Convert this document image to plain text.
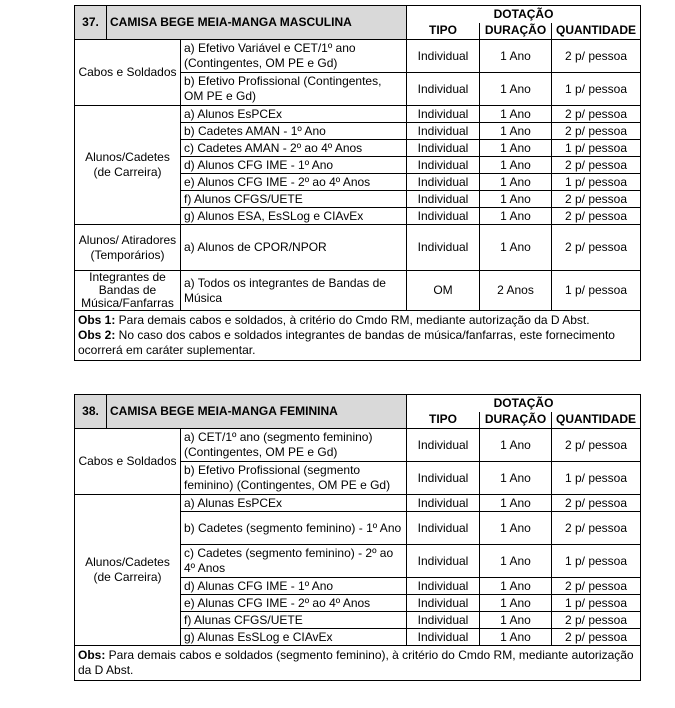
37.	CAMISA BEGE MEIA-MANGA MASCULINA		DOTAÇÃO		
			TIPO	DURAÇÃO	QUANTIDADE
Cabos e Soldados		a) Efetivo Variável e CET/1º ano (Contingentes, OM PE e Gd)	Individual	1 Ano	2 p/ pessoa
		b) Efetivo Profissional (Contingentes, OM PE e Gd)	Individual	1 Ano	1 p/ pessoa
Alunos/Cadetes (de Carreira)		a) Alunos EsPCEx	Individual	1 Ano	2 p/ pessoa
		b) Cadetes AMAN - 1º Ano	Individual	1 Ano	2 p/ pessoa
		c) Cadetes AMAN - 2º ao 4º Anos	Individual	1 Ano	1 p/ pessoa
		d) Alunos CFG IME - 1º Ano	Individual	1 Ano	2 p/ pessoa
		e) Alunos CFG IME - 2º ao 4º Anos	Individual	1 Ano	1 p/ pessoa
		f) Alunos CFGS/UETE	Individual	1 Ano	2 p/ pessoa
		g) Alunos ESA, EsSLog e CIAvEx	Individual	1 Ano	2 p/ pessoa
Alunos/ Atiradores (Temporários)		a) Alunos de CPOR/NPOR	Individual	1 Ano	2 p/ pessoa
Integrantes de Bandas de Música/Fanfarras		a) Todos os integrantes de Bandas de Música	OM	2 Anos	1 p/ pessoa

Obs 1: Para demais cabos e soldados, à critério do Cmdo RM, mediante autorização da D Abst.
Obs 2: No caso dos cabos e soldados integrantes de bandas de música/fanfarras, este fornecimento ocorrerá em caráter suplementar.					
38.	CAMISA BEGE MEIA-MANGA FEMININA		DOTAÇÃO		
			TIPO	DURAÇÃO	QUANTIDADE
Cabos e Soldados		a) CET/1º ano (segmento feminino) (Contingentes, OM PE e Gd)	Individual	1 Ano	2 p/ pessoa
		b) Efetivo Profissional (segmento feminino) (Contingentes, OM PE e Gd)	Individual	1 Ano	1 p/ pessoa
Alunos/Cadetes (de Carreira)		a) Alunas EsPCEx	Individual	1 Ano	2 p/ pessoa
		b) Cadetes (segmento feminino) - 1º Ano	Individual	1 Ano	2 p/ pessoa
		c) Cadetes (segmento feminino) - 2º ao 4º Anos	Individual	1 Ano	1 p/ pessoa
		d) Alunas CFG IME - 1º Ano	Individual	1 Ano	2 p/ pessoa
		e) Alunas CFG IME - 2º ao 4º Anos	Individual	1 Ano	1 p/ pessoa
		f) Alunas CFGS/UETE	Individual	1 Ano	2 p/ pessoa
		g) Alunas EsSLog e CIAvEx	Individual	1 Ano	2 p/ pessoa
Obs: Para demais cabos e soldados (segmento feminino), à critério do Cmdo RM, mediante autorização da D Abst.					
